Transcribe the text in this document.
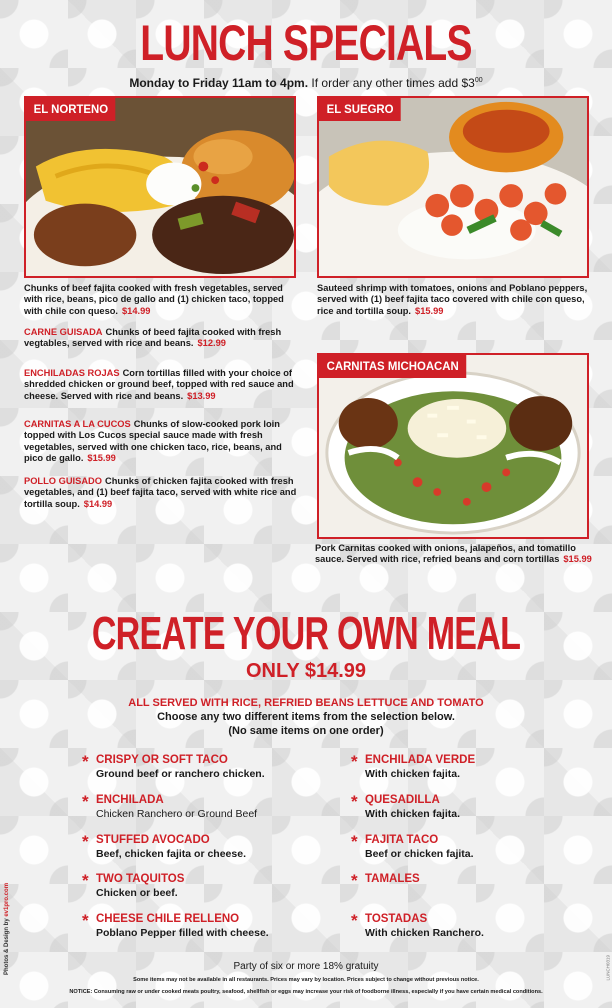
LUNCH SPECIALS
Monday to Friday 11am to 4pm. If order any other times add $\$3^{00}$
EL NORTENO	EL SUEGRO
Chunks of beef fajita cooked with fresh vegetables, served with rice, beans, pico de gallo and (1) chicken taco, topped with chile con queso. $14.99
Sauteed shrimp with tomatoes, onions and Poblano peppers, served with (1) beef fajita taco covered with chile con queso, rice and tortilla soup. $15.99
CARNE GUISADA Chunks of beed fajita cooked with fresh vegtables, served with rice and beans. $12.99
ENCHILADAS ROJAS Corn tortillas filled with your choice of shredded chicken or ground beef, topped with red sauce and cheese. Served with rice and beans. $13.99
CARNITAS A LA CUCOS Chunks of slow-cooked pork loin topped with Los Cucos special sauce made with fresh vegetables, served with one chicken taco, rice, beans, and pico de gallo. $15.99
POLLO GUISADO Chunks of chicken fajita cooked with fresh vegetables, and (1) beef fajita taco, served with white rice and tortilla soup. $14.99
CARNITAS MICHOACAN
Pork Carnitas cooked with onions, jalapeños, and tomatillo sauce. Served with rice, refried beans and corn tortillas $15.99
CREATE YOUR OWN MEAL
ONLY $14.99
ALL SERVED WITH RICE, REFRIED BEANS LETTUCE AND TOMATO
Choose any two different items from the selection below.
(No same items on one order)
* CRISPY OR SOFT TACO
Ground beef or ranchero chicken.
* ENCHILADA
Chicken Ranchero or Ground Beef
* STUFFED AVOCADO
Beef, chicken fajita or cheese.
* TWO TAQUITOS
Chicken or beef.
* CHEESE CHILE RELLENO
Poblano Pepper filled with cheese.
* ENCHILADA VERDE
With chicken fajita.
* QUESADILLA
With chicken fajita.
* FAJITA TACO
Beef or chicken fajita.
* TAMALES
* TOSTADAS
With chicken Ranchero.
Party of six or more 18% gratuity
Some items may not be available in all restaurants. Prices may vary by location. Prices subject to change without previous notice.
NOTICE: Consuming raw or under cooked meats poultry, seafood, shellfish or eggs may increase your risk of foodborne illness, especially if you have certain medical conditions.
Photos & Design by ev1pro.com
LUNCH0319
